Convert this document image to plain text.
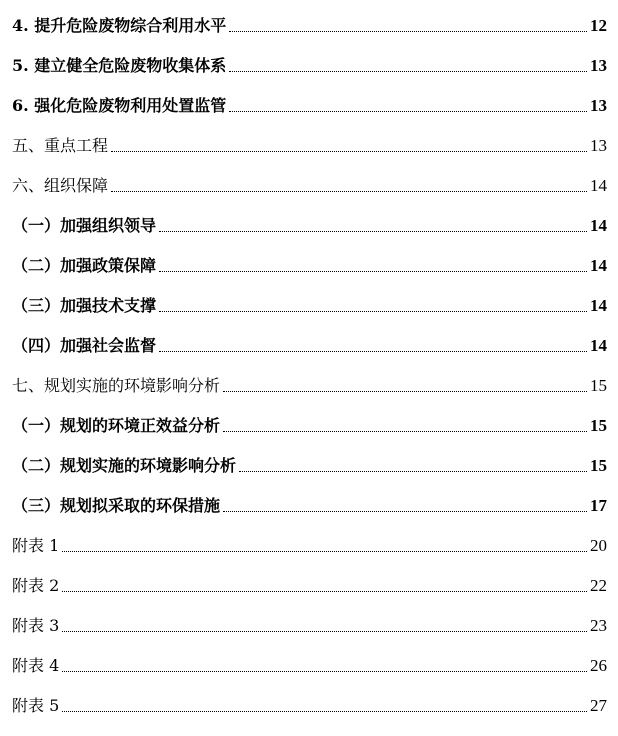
4. 提升危险废物综合利用水平	12
5. 建立健全危险废物收集体系	13
6. 强化危险废物利用处置监管	13
五、重点工程	13
六、组织保障	14
（一）加强组织领导	14
（二）加强政策保障	14
（三）加强技术支撑	14
（四）加强社会监督	14
七、规划实施的环境影响分析	15
（一）规划的环境正效益分析	15
（二）规划实施的环境影响分析	15
（三）规划拟采取的环保措施	17
附表 1	20
附表 2	22
附表 3	23
附表 4	26
附表 5	27
